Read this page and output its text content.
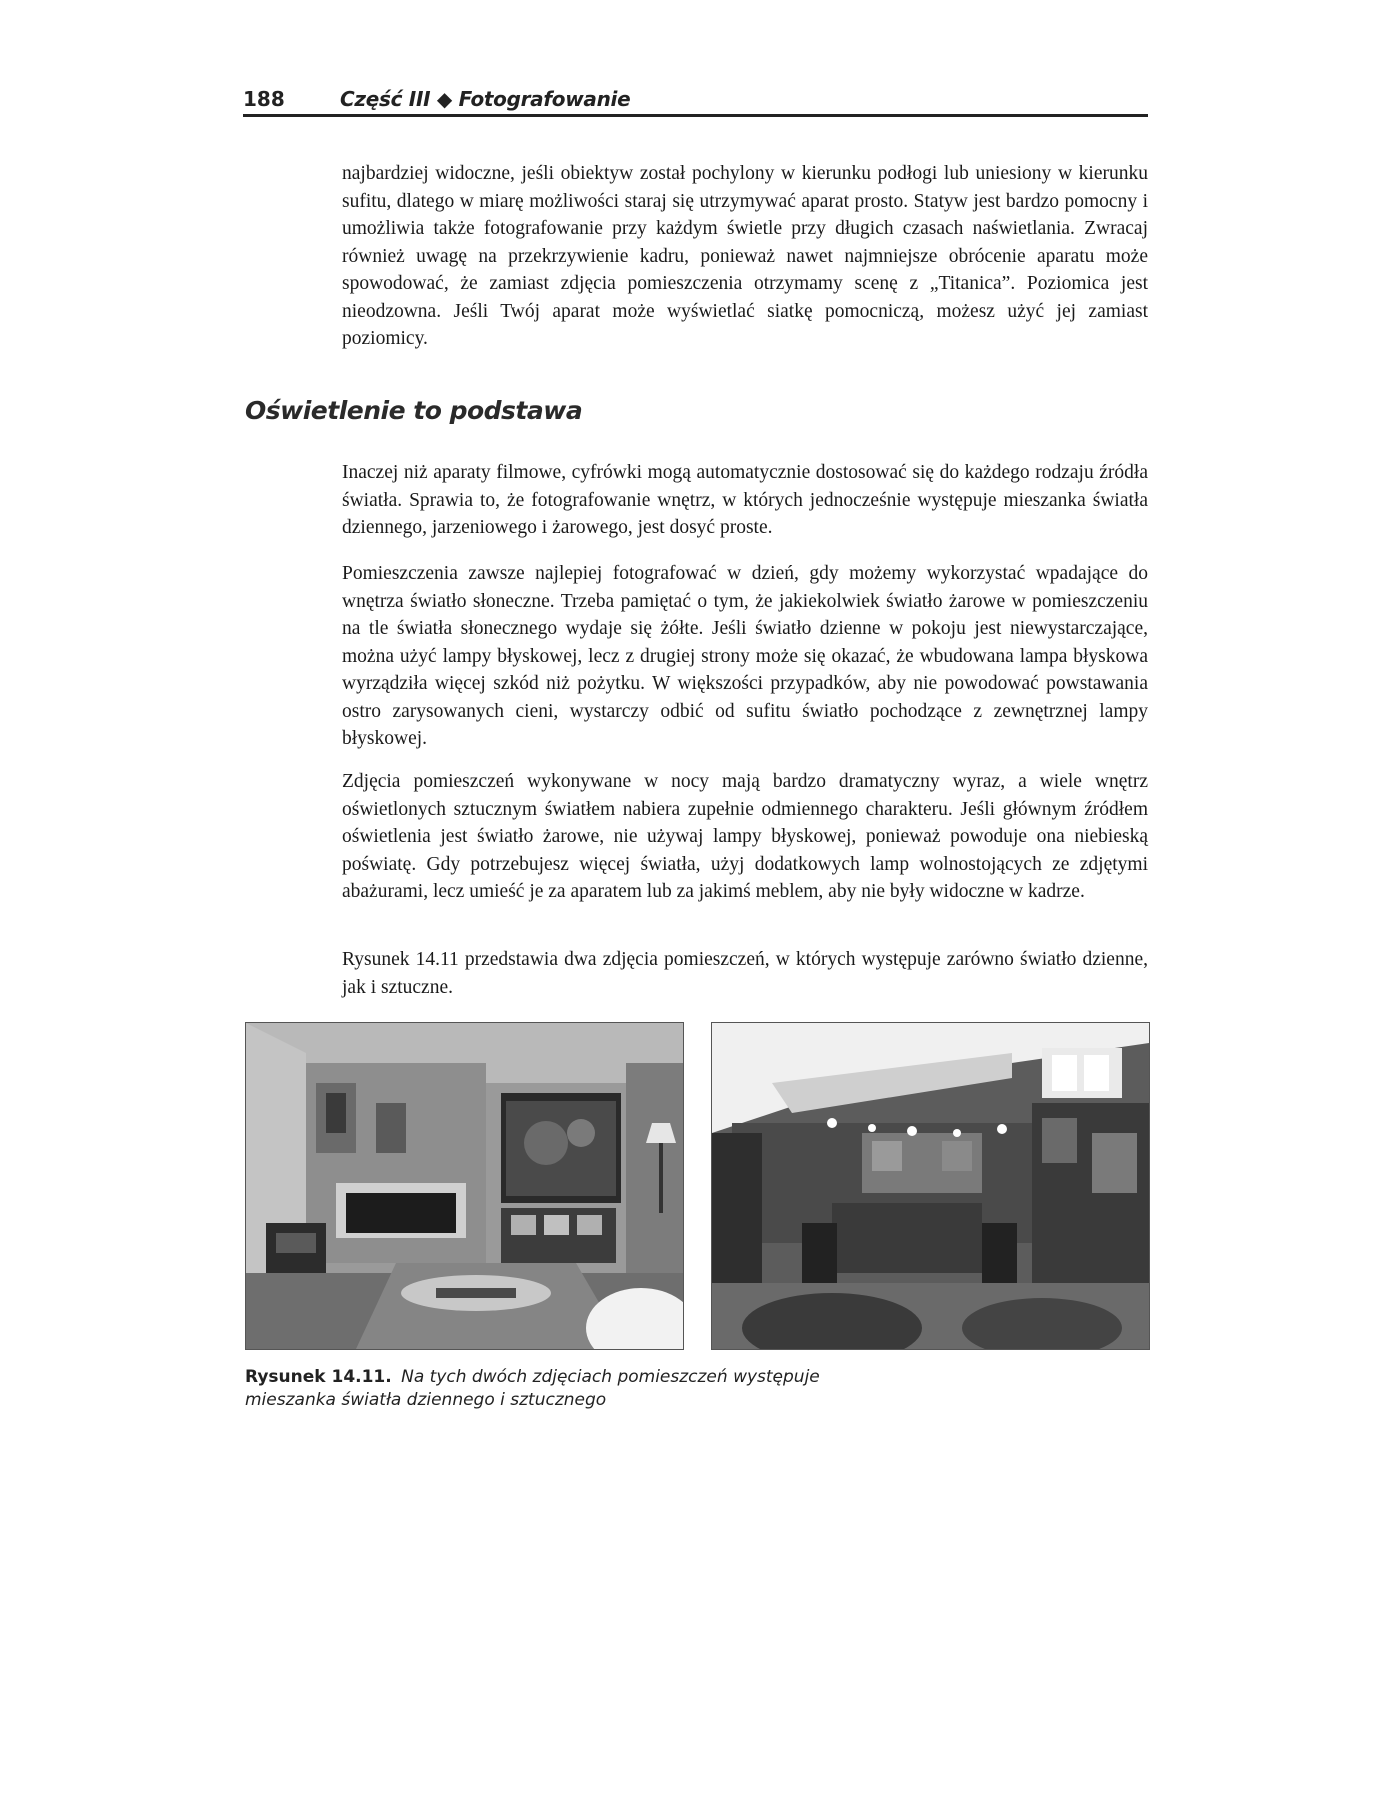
188	Część III ◆ Fotografowanie

najbardziej widoczne, jeśli obiektyw został pochylony w kierunku podłogi lub uniesiony w kierunku sufitu, dlatego w miarę możliwości staraj się utrzymywać aparat prosto. Statyw jest bardzo pomocny i umożliwia także fotografowanie przy każdym świetle przy długich czasach naświetlania. Zwracaj również uwagę na przekrzywienie kadru, ponieważ nawet najmniejsze obrócenie aparatu może spowodować, że zamiast zdjęcia pomieszczenia otrzymamy scenę z „Titanica”. Poziomica jest nieodzowna. Jeśli Twój aparat może wyświetlać siatkę pomocniczą, możesz użyć jej zamiast poziomicy.

Oświetlenie to podstawa

Inaczej niż aparaty filmowe, cyfrówki mogą automatycznie dostosować się do każdego rodzaju źródła światła. Sprawia to, że fotografowanie wnętrz, w których jednocześnie występuje mieszanka światła dziennego, jarzeniowego i żarowego, jest dosyć proste.

Pomieszczenia zawsze najlepiej fotografować w dzień, gdy możemy wykorzystać wpadające do wnętrza światło słoneczne. Trzeba pamiętać o tym, że jakiekolwiek światło żarowe w pomieszczeniu na tle światła słonecznego wydaje się żółte. Jeśli światło dzienne w pokoju jest niewystarczające, można użyć lampy błyskowej, lecz z drugiej strony może się okazać, że wbudowana lampa błyskowa wyrządziła więcej szkód niż pożytku. W większości przypadków, aby nie powodować powstawania ostro zarysowanych cieni, wystarczy odbić od sufitu światło pochodzące z zewnętrznej lampy błyskowej.

Zdjęcia pomieszczeń wykonywane w nocy mają bardzo dramatyczny wyraz, a wiele wnętrz oświetlonych sztucznym światłem nabiera zupełnie odmiennego charakteru. Jeśli głównym źródłem oświetlenia jest światło żarowe, nie używaj lampy błyskowej, ponieważ powoduje ona niebieską poświatę. Gdy potrzebujesz więcej światła, użyj dodatkowych lamp wolnostojących ze zdjętymi abażurami, lecz umieść je za aparatem lub za jakimś meblem, aby nie były widoczne w kadrze.

Rysunek 14.11 przedstawia dwa zdjęcia pomieszczeń, w których występuje zarówno światło dzienne, jak i sztuczne.

Rysunek 14.11. Na tych dwóch zdjęciach pomieszczeń występuje mieszanka światła dziennego i sztucznego
